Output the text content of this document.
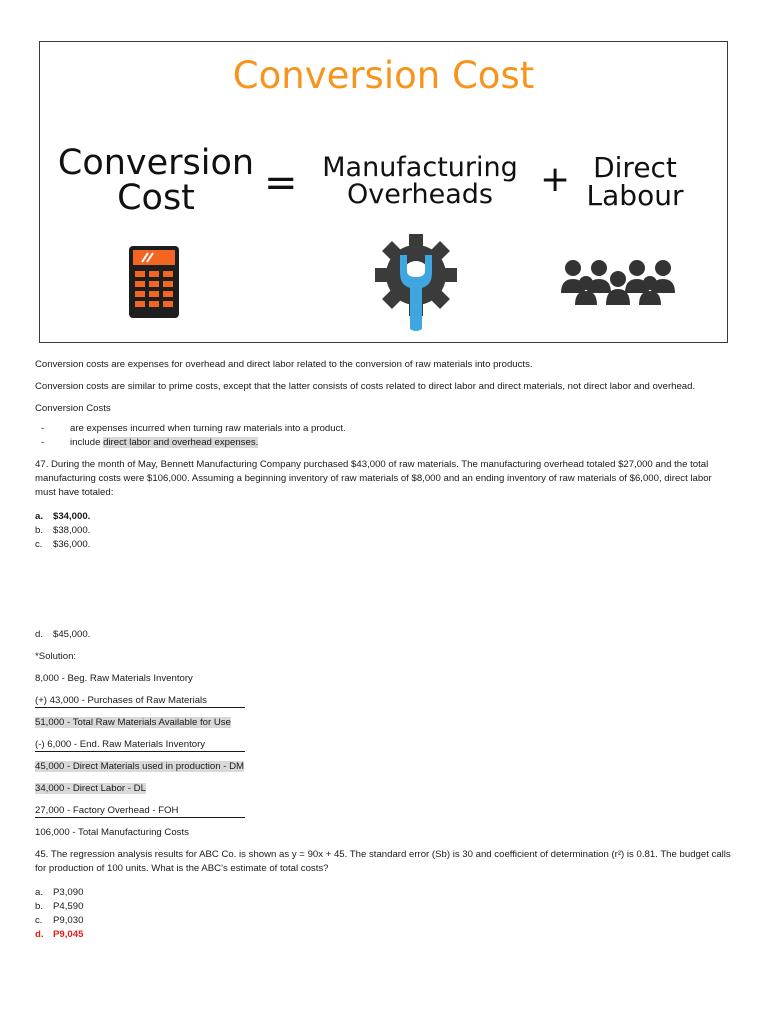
Conversion Cost
Conversion
Cost	= Manufacturing
Overheads	+ Direct
Labour

Conversion costs are expenses for overhead and direct labor related to the conversion of raw materials into products.

Conversion costs are similar to prime costs, except that the latter consists of costs related to direct labor and direct materials, not direct labor and overhead.

Conversion Costs

- are expenses incurred when turning raw materials into a product.
- include direct labor and overhead expenses.

47. During the month of May, Bennett Manufacturing Company purchased $43,000 of raw materials. The manufacturing overhead totaled $27,000 and the total manufacturing costs were $106,000. Assuming a beginning inventory of raw materials of $8,000 and an ending inventory of raw materials of $6,000, direct labor must have totaled:

a. $34,000.
b. $38,000.
c. $36,000.
d. $45,000.

*Solution:

8,000 - Beg. Raw Materials Inventory
(+) 43,000 - Purchases of Raw Materials
51,000 - Total Raw Materials Available for Use
(-) 6,000 - End. Raw Materials Inventory
45,000 - Direct Materials used in production - DM
34,000 - Direct Labor - DL
27,000 - Factory Overhead - FOH
106,000 - Total Manufacturing Costs

45. The regression analysis results for ABC Co. is shown as y = 90x + 45. The standard error (Sb) is 30 and coefficient of determination (r²) is 0.81. The budget calls for production of 100 units. What is the ABC's estimate of total costs?

a. P3,090
b. P4,590
c. P9,030
d. P9,045
